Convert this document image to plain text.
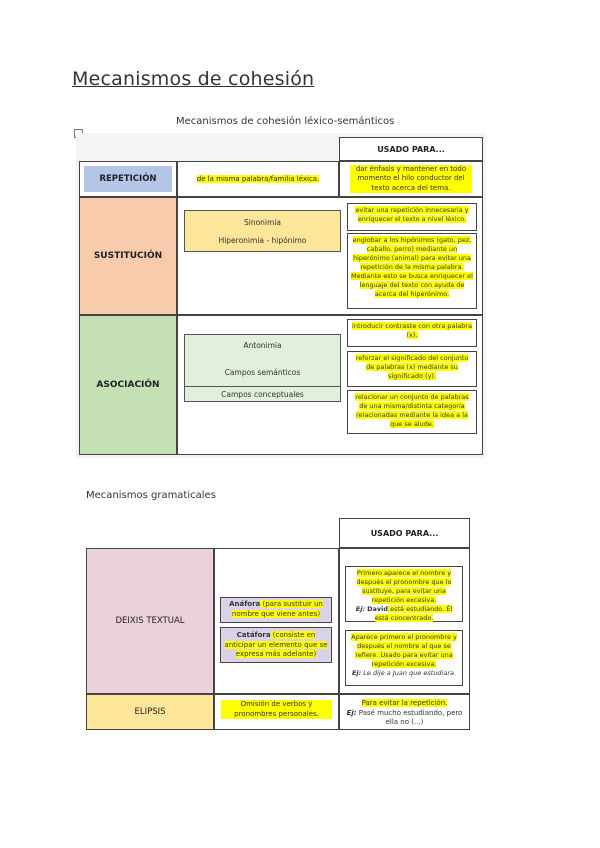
Mecanismos de cohesión
Mecanismos de cohesión léxico-semánticos
USADO PARA...
REPETICIÓN	de la misma palabra/familia léxica.
dar énfasis y mantener en todo momento el hilo conductor del texto acerca del tema.
SUSTITUCIÓN
Sinonimia
Hiperonimia - hipónimo
evitar una repetición innecesaria y enriquecer el texto a nivel léxico.
englobar a los hipónimos (gato, pez, caballo, perro) mediante un hiperónimo (animal) para evitar una repetición de la misma palabra. Mediante esto se busca enriquecer el lenguaje del texto con ayuda de acerca del hiperónimo.
ASOCIACIÓN
Antonimia
Campos semánticos
Campos conceptuales
introducir contraste con otra palabra (x).
reforzar el significado del conjunto de palabras (x) mediante su significado (y).
relacionar un conjunto de palabras de una misma/distinta categoría relacionadas mediante la idea a la que se alude.
Mecanismos gramaticales
USADO PARA...
DEIXIS TEXTUAL
Anáfora (para sustituir un nombre que viene antes)
Catáfora (consiste en anticipar un elemento que se expresa más adelante)
Primero aparece el nombre y después el pronombre que lo sustituye, para evitar una repetición excesiva.
Ej: David está estudiando. Él está concentrado.
Aparece primero el pronombre y después el nombre al que se refiere. Usado para evitar una repetición excesiva.
Ej: Le dije a Juan que estudiara.
ELIPSIS
Omisión de verbos y pronombres personales.
Para evitar la repetición.
Ej: Pasé mucho estudiando, pero ella no (...)
